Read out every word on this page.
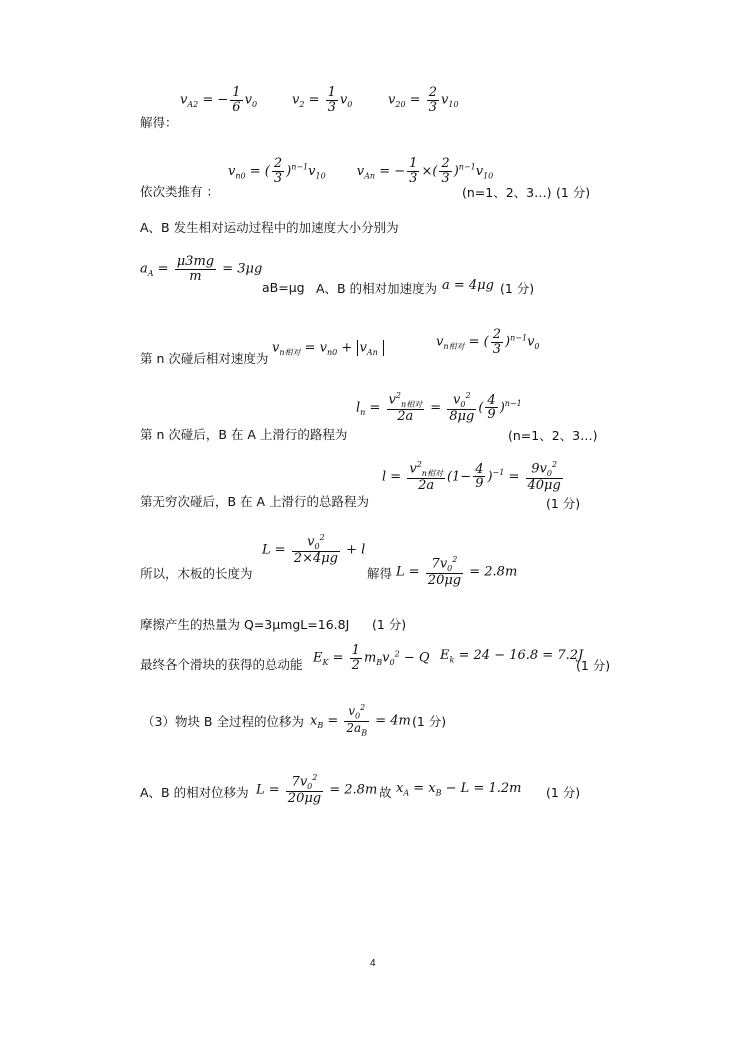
$v_{A2}$ = − $\frac{1}{6} v_0$	$v_2 = \frac{1}{3} v_0$	$v_{20} = \frac{2}{3} v_{10}$
解得：
$v_{n0}$ = ( $\frac{2}{3} )^{n-1}v_{10}$ $v_{An}$ = − $\frac{1}{3}$ ×( $\frac{2}{3} )^{n-1}v_{10}$
依次类推有 ：	(n=1、2、3…) (1 分)
A、B 发生相对运动过程中的加速度大小分别为
$a_A = \frac{\mu 3mg}{m} = 3\mu g$
aB=μg A、B 的相对加速度为 a = 4μg (1 分)
$v_{n相对} = v_{n0} + v_{An}$
$v_{n相对}$ = ( $\frac{2}{3} )^{n-1}v_0$
第 n 次碰后相对速度为
$l_n = \frac{v^2_{n相对}}{2a} = \frac{v_0^2}{8\mu g}$ ( $\frac{4}{9} )^{n-1}$
第 n 次碰后，B 在 A 上滑行的路程为	(n=1、2、3…)
$l = \frac{v^2_{n相对}}{2a} (1- \frac{4}{9} )^{-1} = \frac{9v_0^2}{40\mu g}$
第无穷次碰后，B 在 A 上滑行的总路程为	(1 分)
$L = \frac{v_0^2}{2\times 4\mu g} + l$
所以，木板的长度为	解得 $L = \frac{7v_0^2}{20\mu g} = 2.8m$
摩擦产生的热量为 Q=3μmgL=16.8J (1 分)
最终各个滑块的获得的总动能 $E_K = \frac{1}{2} m_Bv_0^2 - Q$ $E_k = 24 - 16.8 = 7.2J$
(1 分)
（3）物块 B 全过程的位移为 $x_B = \frac{v_0^2}{2a_B} = 4m$ (1 分)
A、B 的相对位移为 $L = \frac{7v_0^2}{20\mu g} = 2.8m$ 故 $x_A = x_B - L = 1.2m$ (1 分)
4
